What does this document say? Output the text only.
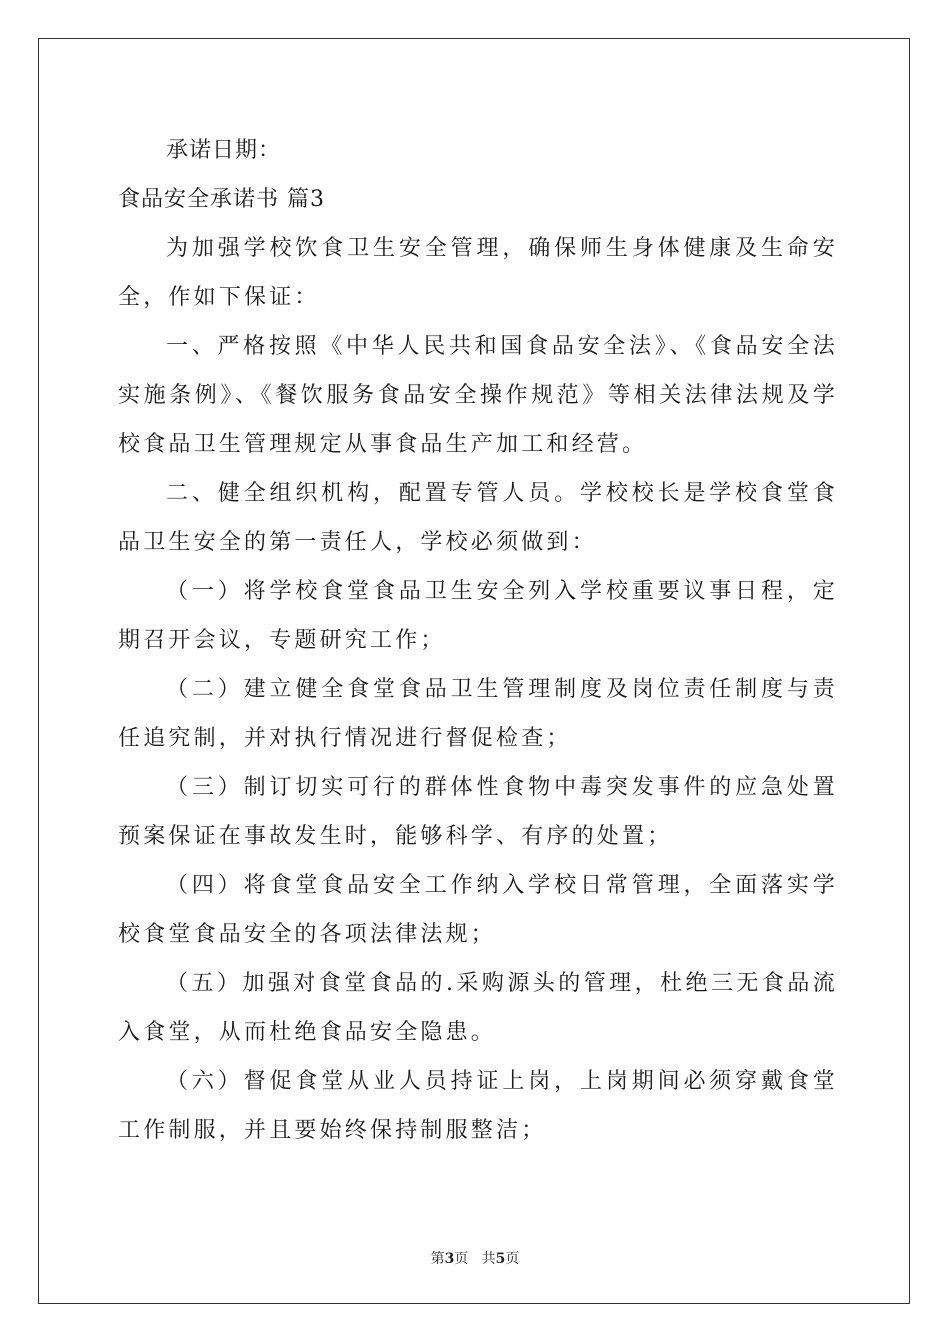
承诺日期：
食品安全承诺书 篇3
为加强学校饮食卫生安全管理，确保师生身体健康及生命安全，作如下保证：
一、严格按照《中华人民共和国食品安全法》、《食品安全法实施条例》、《餐饮服务食品安全操作规范》等相关法律法规及学校食品卫生管理规定从事食品生产加工和经营。
二、健全组织机构，配置专管人员。学校校长是学校食堂食品卫生安全的第一责任人，学校必须做到：
（一）将学校食堂食品卫生安全列入学校重要议事日程，定期召开会议，专题研究工作；
（二）建立健全食堂食品卫生管理制度及岗位责任制度与责任追究制，并对执行情况进行督促检查；
（三）制订切实可行的群体性食物中毒突发事件的应急处置预案保证在事故发生时，能够科学、有序的处置；
（四）将食堂食品安全工作纳入学校日常管理，全面落实学校食堂食品安全的各项法律法规；
（五）加强对食堂食品的.采购源头的管理，杜绝三无食品流入食堂，从而杜绝食品安全隐患。
（六）督促食堂从业人员持证上岗，上岗期间必须穿戴食堂工作制服，并且要始终保持制服整洁；
第3页 共5页
